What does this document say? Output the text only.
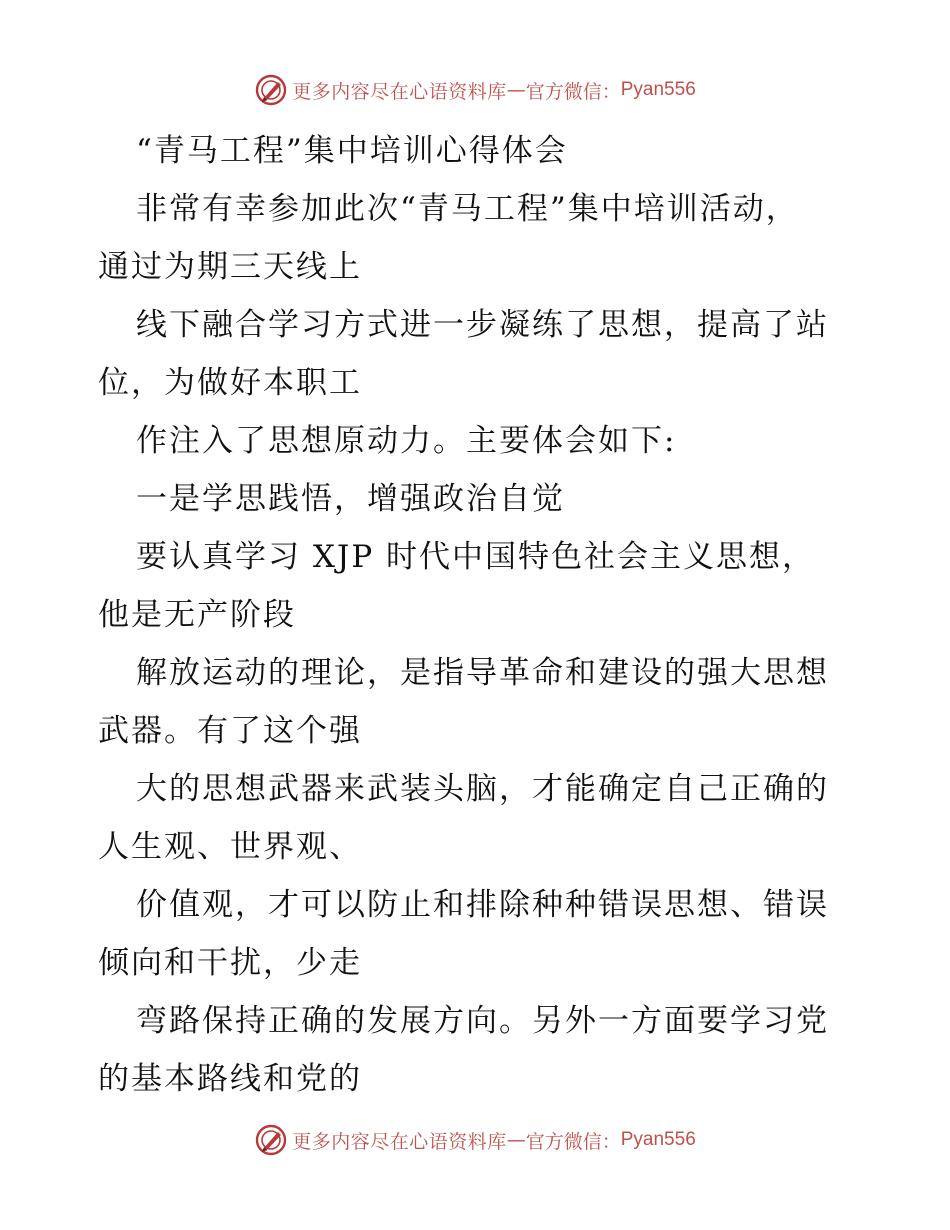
更多内容尽在心语资料库 — 官方微信： Pyan556
“青马工程”集中培训心得体会
非常有幸参加此次“青马工程”集中培训活动，
通过为期三天线上
线下融合学习方式进一步凝练了思想，提高了站
位，为做好本职工
作注入了思想原动力。主要体会如下:
一是学思践悟，增强政治自觉
要认真学习 XJP 时代中国特色社会主义思想，
他是无产阶段
解放运动的理论，是指导革命和建设的强大思想
武器。有了这个强
大的思想武器来武装头脑，才能确定自己正确的
人生观、世界观、
价值观，才可以防止和排除种种错误思想、错误
倾向和干扰，少走
弯路保持正确的发展方向。另外一方面要学习党
的基本路线和党的
更多内容尽在心语资料库 — 官方微信： Pyan556
